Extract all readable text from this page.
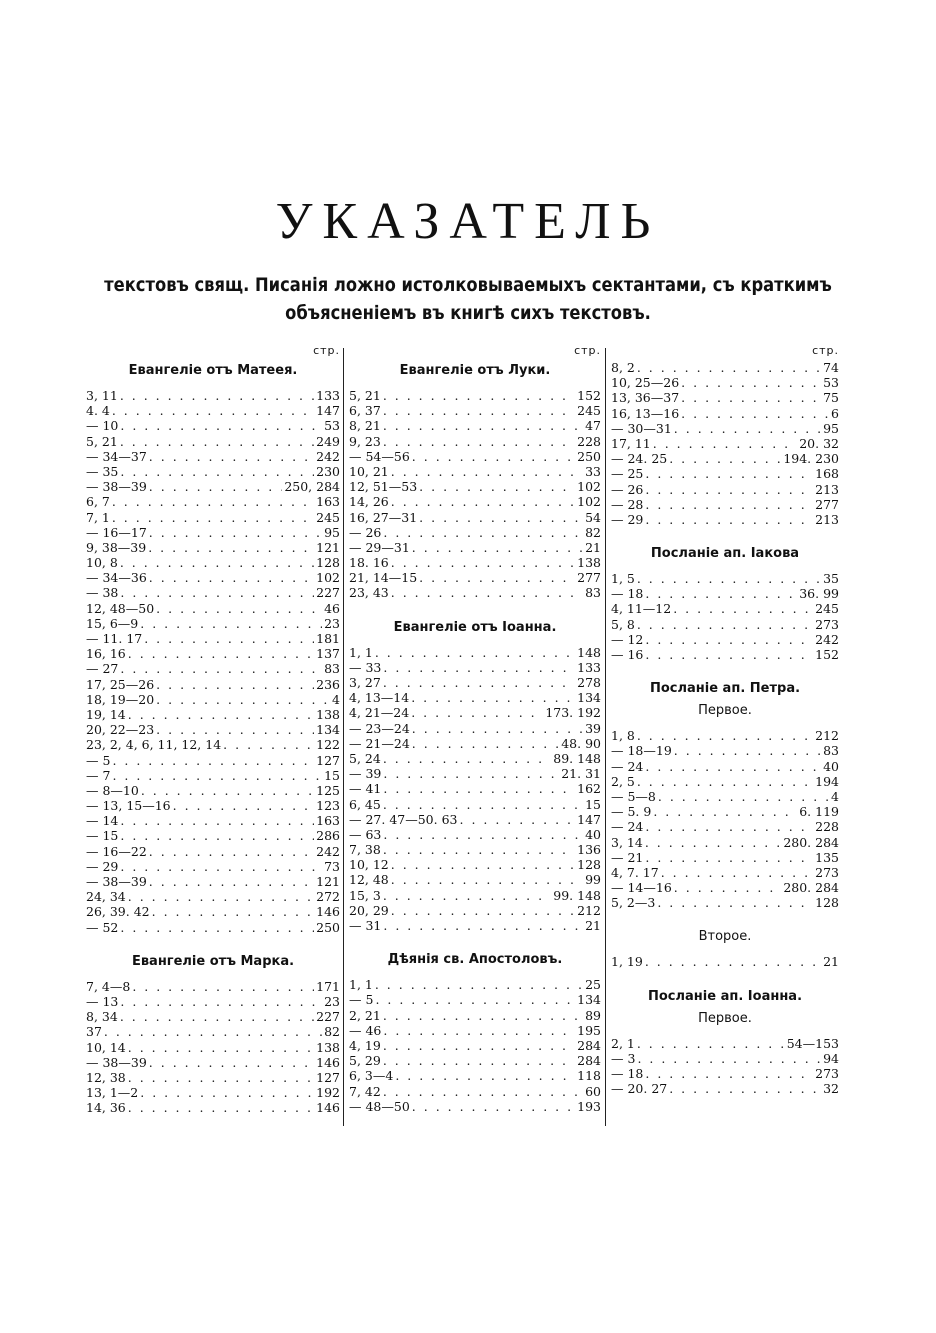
УКАЗАТЕЛЬ
текстовъ свящ. Писанія ложно истолковываемыхъ сектантами, съ краткимъ
объясненіемъ въ книгѣ сихъ текстовъ.
стр.
Евангеліе отъ Матеея.
3, 11 . . .	133
4. 4 . . .	147
— 10 . . .	53
5, 21 . . .	249
— 34—37 . . .	242
— 35 . . .	230
— 38—39 . . .	250, 284
6, 7 . . .	163
7, 1 . . .	245
— 16—17 . . .	95
9, 38—39 . . .	121
10, 8 . . .	128
— 34—36 . . .	102
— 38 . . .	227
12, 48—50 . . .	46
15, 6—9 . . .	23
— 11. 17 . . .	181
16, 16 . . .	137
— 27 . . .	83
17, 25—26 . . .	236
18, 19—20 . . .	4
19, 14 . . .	138
20, 22—23 . . .	134
23, 2, 4, 6, 11, 12, 14 . . .	122
— 5 . . .	127
— 7 . . .	15
— 8—10 . . .	125
— 13, 15—16 . . .	123
— 14 . . .	163
— 15 . . .	286
— 16—22 . . .	242
— 29 . . .	73
— 38—39 . . .	121
24, 34 . . .	272
26, 39. 42 . . .	146
— 52 . . .	250
Евангеліе отъ Марка.
7, 4—8 . . .	171
— 13 . . .	23
8, 34 . . .	227
37 . . .	82
10, 14 . . .	138
— 38—39 . . .	146
12, 38 . . .	127
13, 1—2 . . .	192
14, 36 . . .	146
стр.
Евангеліе отъ Луки.
5, 21 . . .	152
6, 37 . . .	245
8, 21 . . .	47
9, 23 . . .	228
— 54—56 . . .	250
10, 21 . . .	33
12, 51—53 . . .	102
14, 26 . . .	102
16, 27—31 . . .	54
— 26 . . .	82
— 29—31 . . .	21
18. 16 . . .	138
21, 14—15 . . .	277
23, 43 . . .	83
Евангеліе отъ Іоанна.
1, 1 . . .	148
— 33 . . .	133
3, 27 . . .	278
4, 13—14 . . .	134
4, 21—24 . . .	173. 192
— 23—24 . . .	39
— 21—24 . . .	48. 90
5, 24 . . .	89. 148
— 39 . . .	21. 31
— 41 . . .	162
6, 45 . . .	15
— 27. 47—50. 63 . . .	147
— 63 . . .	40
7, 38 . . .	136
10, 12 . . .	128
12, 48 . . .	99
15, 3 . . .	99. 148
20, 29 . . .	212
— 31 . . .	21
Дѣянія св. Апостоловъ.
1, 1 . . .	25
— 5 . . .	134
2, 21 . . .	89
— 46 . . .	195
4, 19 . . .	284
5, 29 . . .	284
6, 3—4 . . .	118
7, 42 . . .	60
— 48—50 . . .	193
стр.
8, 2 . . .	74
10, 25—26 . . .	53
13, 36—37 . . .	75
16, 13—16 . . .	6
— 30—31 . . .	95
17, 11 . . .	20. 32
— 24. 25 . . .	194. 230
— 25 . . .	168
— 26 . . .	213
— 28 . . .	277
— 29 . . .	213
Посланіе ап. Іакова
1, 5 . . .	35
— 18 . . .	36. 99
4, 11—12 . . .	245
5, 8 . . .	273
— 12 . . .	242
— 16 . . .	152
Посланіе ап. Петра.
Первое.
1, 8 . . .	212
— 18—19 . . .	83
— 24 . . .	40
2, 5 . . .	194
— 5—8 . . .	4
— 5. 9 . . .	6. 119
— 24 . . .	228
3, 14 . . .	280. 284
— 21 . . .	135
4, 7. 17 . . .	273
— 14—16 . . .	280. 284
5, 2—3 . . .	128
Второе.
1, 19 . . .	21
Посланіе ап. Іоанна.
Первое.
2, 1 . . .	54—153
— 3 . . .	94
— 18 . . .	273
— 20. 27 . . .	32
